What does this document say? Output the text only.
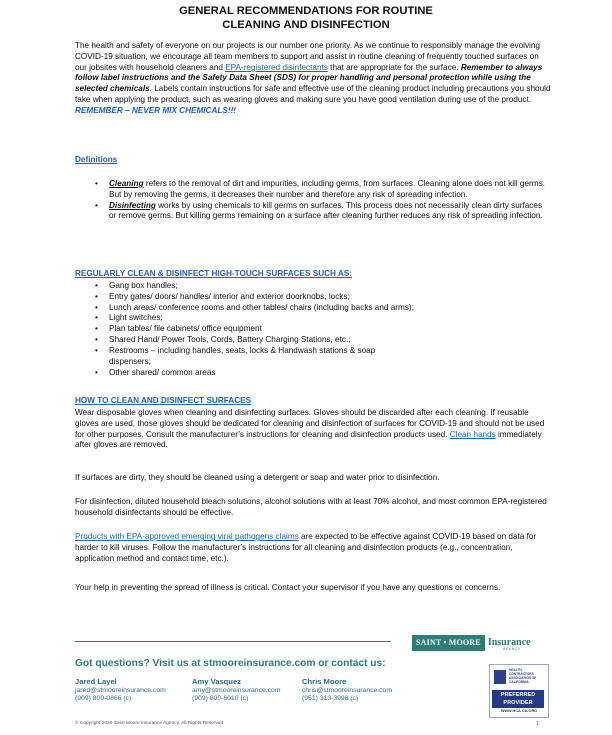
GENERAL RECOMMENDATIONS FOR ROUTINE
CLEANING AND DISINFECTION
The health and safety of everyone on our projects is our number one priority. As we continue to responsibly manage the evolving COVID-19 situation, we encourage all team members to support and assist in routine cleaning of frequently touched surfaces on our jobsites with household cleaners and EPA-registered disinfectants that are appropriate for the surface. Remember to always follow label instructions and the Safety Data Sheet (SDS) for proper handling and personal protection while using the selected chemicals. Labels contain instructions for safe and effective use of the cleaning product including precautions you should take when applying the product, such as wearing gloves and making sure you have good ventilation during use of the product. REMEMBER – NEVER MIX CHEMICALS!!!
Definitions
• Cleaning refers to the removal of dirt and impurities, including germs, from surfaces. Cleaning alone does not kill germs. But by removing the germs, it decreases their number and therefore any risk of spreading infection.
• Disinfecting works by using chemicals to kill germs on surfaces. This process does not necessarily clean dirty surfaces or remove germs. But killing germs remaining on a surface after cleaning further reduces any risk of spreading infection.
REGULARLY CLEAN & DISINFECT HIGH-TOUCH SURFACES SUCH AS:
• Gang box handles;
• Entry gates/ doors/ handles/ interior and exterior doorknobs, locks;
• Lunch areas/ conference rooms and other tables/ chairs (including backs and arms);
• Light switches;
• Plan tables/ file cabinets/ office equipment
• Shared Hand/ Power Tools, Cords, Battery Charging Stations, etc.;
• Restrooms – including handles, seats, locks & Handwash stations & soap dispensers;
• Other shared/ common areas
HOW TO CLEAN AND DISINFECT SURFACES
Wear disposable gloves when cleaning and disinfecting surfaces. Gloves should be discarded after each cleaning. If reusable gloves are used, those gloves should be dedicated for cleaning and disinfection of surfaces for COVID-19 and should not be used for other purposes. Consult the manufacturer’s instructions for cleaning and disinfection products used. Clean hands immediately after gloves are removed.
If surfaces are dirty, they should be cleaned using a detergent or soap and water prior to disinfection.
For disinfection, diluted household bleach solutions, alcohol solutions with at least 70% alcohol, and most common EPA-registered household disinfectants should be effective.
Products with EPA-approved emerging viral pathogens claims are expected to be effective against COVID-19 based on data for harder to kill viruses. Follow the manufacturer’s instructions for all cleaning and disinfection products (e.g., concentration, application method and contact time, etc.).
Your help in preventing the spread of illness is critical. Contact your supervisor if you have any questions or concerns.
SAINT • MOORE Insurance
AGENCY
Got questions? Visit us at stmooreinsurance.com or contact us:
Jared Layel
jared@stmooreinsurance.com
(909) 809-0866 (c)
Amy Vasquez
amy@stmooreinsurance.com
(909) 800-6010 (c)
Chris Moore
chris@stmooreinsurance.com
(951) 313-3998 (c)
HEALTH
CONTRACTORS
ASSOCIATION OF
CALIFORNIA
PREFERRED
PROVIDER
WWW.HCA-CA.ORG
© Copyright 2020 Saint Moore Insurance Agency. All Rights Reserved.	1
